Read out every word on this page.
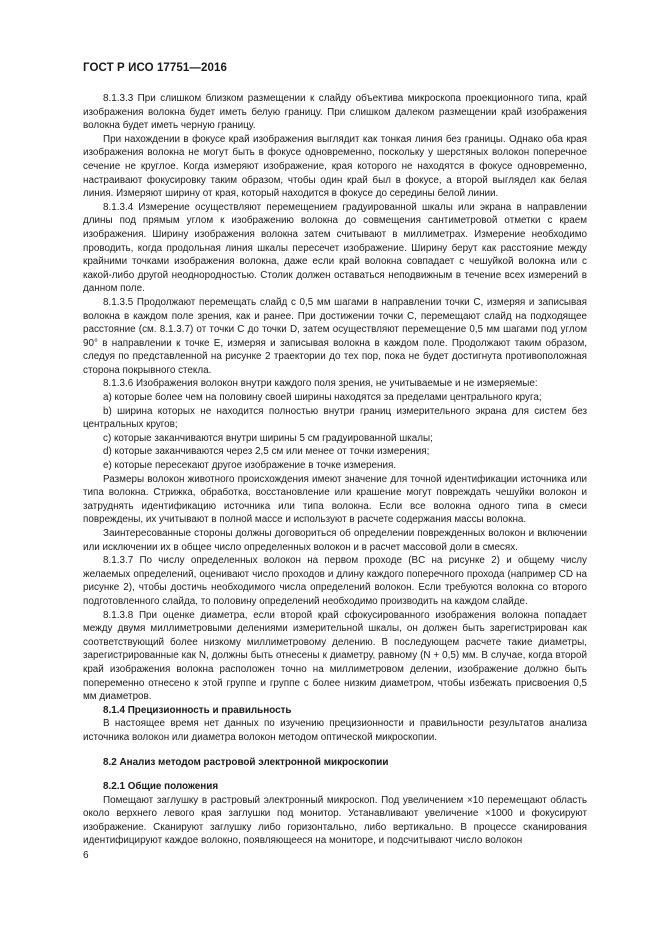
ГОСТ Р ИСО 17751—2016

8.1.3.3 При слишком близком размещении к слайду объектива микроскопа проекционного типа, край изображения волокна будет иметь белую границу. При слишком далеком размещении край изображения волокна будет иметь черную границу.

При нахождении в фокусе край изображения выглядит как тонкая линия без границы. Однако оба края изображения волокна не могут быть в фокусе одновременно, поскольку у шерстяных волокон поперечное сечение не круглое. Когда измеряют изображение, края которого не находятся в фокусе одновременно, настраивают фокусировку таким образом, чтобы один край был в фокусе, а второй выглядел как белая линия. Измеряют ширину от края, который находится в фокусе до середины белой линии.

8.1.3.4 Измерение осуществляют перемещением градуированной шкалы или экрана в направлении длины под прямым углом к изображению волокна до совмещения сантиметровой отметки с краем изображения. Ширину изображения волокна затем считывают в миллиметрах. Измерение необходимо проводить, когда продольная линия шкалы пересечет изображение. Ширину берут как расстояние между крайними точками изображения волокна, даже если край волокна совпадает с чешуйкой волокна или с какой-либо другой неоднородностью. Столик должен оставаться неподвижным в течение всех измерений в данном поле.

8.1.3.5 Продолжают перемещать слайд с 0,5 мм шагами в направлении точки C, измеряя и записывая волокна в каждом поле зрения, как и ранее. При достижении точки C, перемещают слайд на подходящее расстояние (см. 8.1.3.7) от точки C до точки D, затем осуществляют перемещение 0,5 мм шагами под углом 90° в направлении к точке E, измеряя и записывая волокна в каждом поле. Продолжают таким образом, следуя по представленной на рисунке 2 траектории до тех пор, пока не будет достигнута противоположная сторона покрывного стекла.

8.1.3.6 Изображения волокон внутри каждого поля зрения, не учитываемые и не измеряемые:

a) которые более чем на половину своей ширины находятся за пределами центрального круга;

b) ширина которых не находится полностью внутри границ измерительного экрана для систем без центральных кругов;

c) которые заканчиваются внутри ширины 5 см градуированной шкалы;

d) которые заканчиваются через 2,5 см или менее от точки измерения;

e) которые пересекают другое изображение в точке измерения.

Размеры волокон животного происхождения имеют значение для точной идентификации источника или типа волокна. Стрижка, обработка, восстановление или крашение могут повреждать чешуйки волокон и затруднять идентификацию источника или типа волокна. Если все волокна одного типа в смеси повреждены, их учитывают в полной массе и используют в расчете содержания массы волокна.

Заинтересованные стороны должны договориться об определении поврежденных волокон и включении или исключении их в общее число определенных волокон и в расчет массовой доли в смесях.

8.1.3.7 По числу определенных волокон на первом проходе (BC на рисунке 2) и общему числу желаемых определений, оценивают число проходов и длину каждого поперечного прохода (например CD на рисунке 2), чтобы достичь необходимого числа определений волокон. Если требуются волокна со второго подготовленного слайда, то половину определений необходимо производить на каждом слайде.

8.1.3.8 При оценке диаметра, если второй край сфокусированного изображения волокна попадает между двумя миллиметровыми делениями измерительной шкалы, он должен быть зарегистрирован как соответствующий более низкому миллиметровому делению. В последующем расчете такие диаметры, зарегистрированные как N, должны быть отнесены к диаметру, равному (N + 0,5) мм. В случае, когда второй край изображения волокна расположен точно на миллиметровом делении, изображение должно быть попеременно отнесено к этой группе и группе с более низким диаметром, чтобы избежать присвоения 0,5 мм диаметров.

8.1.4 Прецизионность и правильность

В настоящее время нет данных по изучению прецизионности и правильности результатов анализа источника волокон или диаметра волокон методом оптической микроскопии.

8.2 Анализ методом растровой электронной микроскопии

8.2.1 Общие положения

Помещают заглушку в растровый электронный микроскоп. Под увеличением ×10 перемещают область около верхнего левого края заглушки под монитор. Устанавливают увеличение ×1000 и фокусируют изображение. Сканируют заглушку либо горизонтально, либо вертикально. В процессе сканирования идентифицируют каждое волокно, появляющееся на мониторе, и подсчитывают число волокон

6
